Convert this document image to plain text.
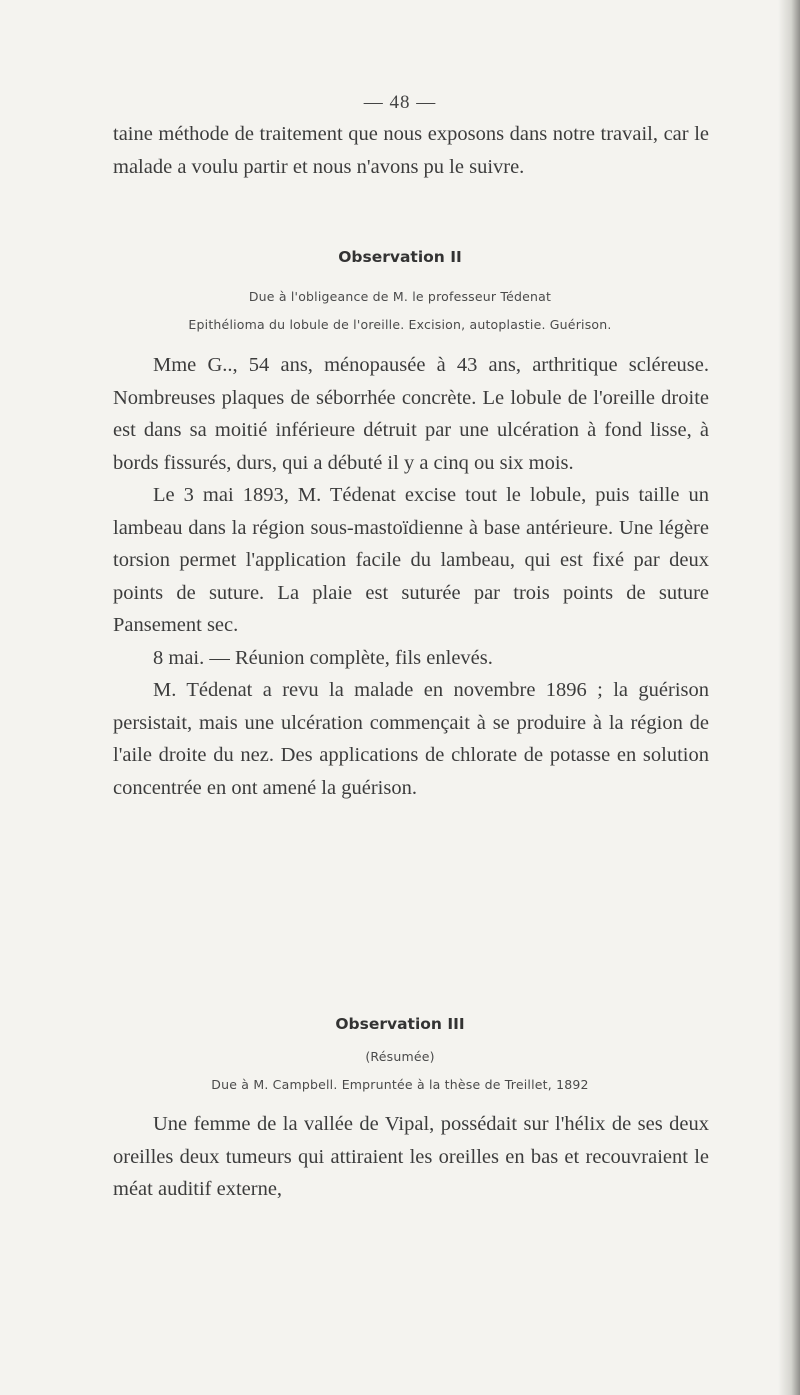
— 48 —

taine méthode de traitement que nous exposons dans notre travail, car le malade a voulu partir et nous n'avons pu le suivre.

Observation II
Due à l'obligeance de M. le professeur Tédenat
Epithélioma du lobule de l'oreille. Excision, autoplastie. Guérison.

Mme G.., 54 ans, ménopausée à 43 ans, arthritique scléreuse. Nombreuses plaques de séborrhée concrète. Le lobule de l'oreille droite est dans sa moitié inférieure détruit par une ulcération à fond lisse, à bords fissurés, durs, qui a débuté il y a cinq ou six mois.

Le 3 mai 1893, M. Tédenat excise tout le lobule, puis taille un lambeau dans la région sous-mastoïdienne à base antérieure. Une légère torsion permet l'application facile du lambeau, qui est fixé par deux points de suture. La plaie est suturée par trois points de suture Pansement sec.

8 mai. — Réunion complète, fils enlevés.

M. Tédenat a revu la malade en novembre 1896 ; la guérison persistait, mais une ulcération commençait à se produire à la région de l'aile droite du nez. Des applications de chlorate de potasse en solution concentrée en ont amené la guérison.

Observation III
(Résumée)
Due à M. Campbell. Empruntée à la thèse de Treillet, 1892

Une femme de la vallée de Vipal, possédait sur l'hélix de ses deux oreilles deux tumeurs qui attiraient les oreilles en bas et recouvraient le méat auditif externe,
